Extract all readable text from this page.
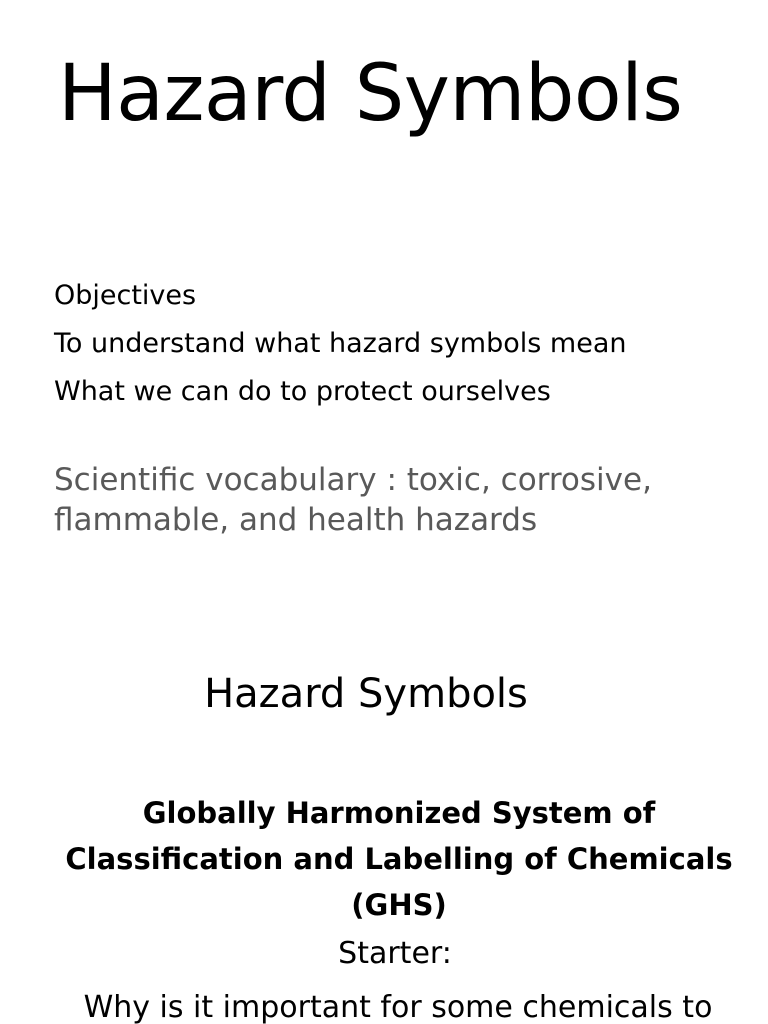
Hazard Symbols
Objectives
To understand what hazard symbols mean
What we can do to protect ourselves

Scientific vocabulary : toxic, corrosive, flammable, and health hazards

Hazard Symbols

Globally Harmonized System of Classification and Labelling of Chemicals (GHS)

Starter:

Why is it important for some chemicals to
